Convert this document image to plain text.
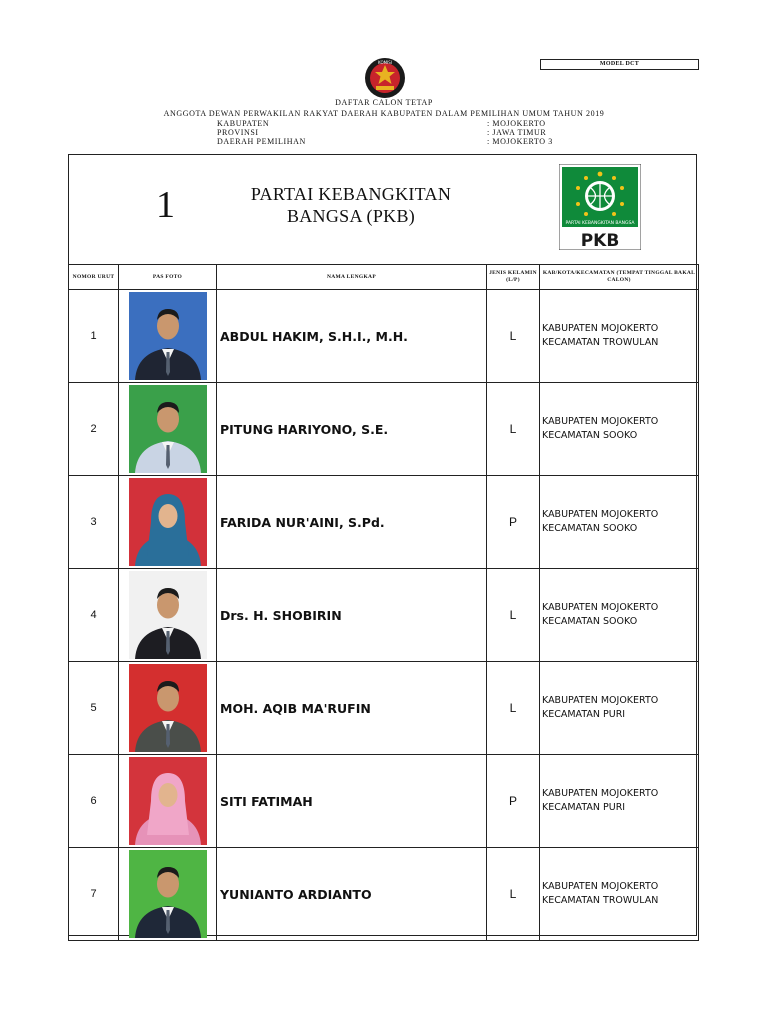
MODEL DCT
KOMISI
DAFTAR CALON TETAP
ANGGOTA DEWAN PERWAKILAN RAKYAT DAERAH KABUPATEN DALAM PEMILIHAN UMUM TAHUN 2019
KABUPATEN	: MOJOKERTO
PROVINSI	: JAWA TIMUR
DAERAH PEMILIHAN	: MOJOKERTO 3
1	PARTAI KEBANGKITAN
BANGSA (PKB)	PARTAI KEBANGKITAN BANGSA
PKB
NOMOR URUT	PAS FOTO	NAMA LENGKAP	JENIS KELAMIN (L/P)	KAB/KOTA/KECAMATAN (TEMPAT TINGGAL BAKAL CALON)
1		ABDUL HAKIM, S.H.I., M.H.	L	KABUPATEN MOJOKERTO
KECAMATAN TROWULAN

2		PITUNG HARIYONO, S.E.	L	KABUPATEN MOJOKERTO
KECAMATAN SOOKO

3		FARIDA NUR'AINI, S.Pd.	P	KABUPATEN MOJOKERTO
KECAMATAN SOOKO

4		Drs. H. SHOBIRIN	L	KABUPATEN MOJOKERTO
KECAMATAN SOOKO

5		MOH. AQIB MA'RUFIN	L	KABUPATEN MOJOKERTO
KECAMATAN PURI

6		SITI FATIMAH	P	KABUPATEN MOJOKERTO
KECAMATAN PURI

7		YUNIANTO ARDIANTO	L	KABUPATEN MOJOKERTO
KECAMATAN TROWULAN
